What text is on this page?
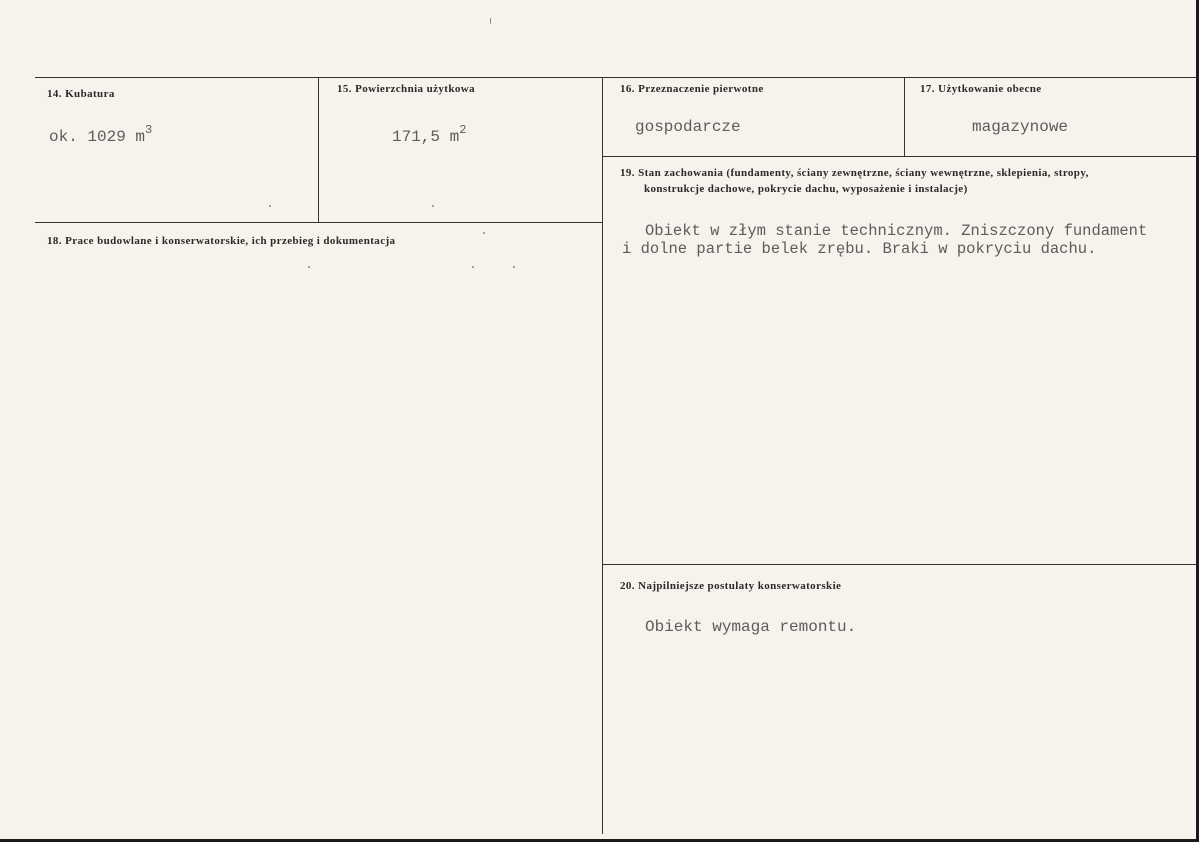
14. Kubatura
ok. 1029 $m^3$
15. Powierzchnia użytkowa
171,5 $m^2$
16. Przeznaczenie pierwotne
gospodarcze
17. Użytkowanie obecne
magazynowe
18. Prace budowlane i konserwatorskie, ich przebieg i dokumentacja
19. Stan zachowania (fundamenty, ściany zewnętrzne, ściany wewnętrzne, sklepienia, stropy,
konstrukcje dachowe, pokrycie dachu, wyposażenie i instalacje)
Obiekt w złym stanie technicznym. Zniszczony fundament
i dolne partie belek zrębu. Braki w pokryciu dachu.
20. Najpilniejsze postulaty konserwatorskie
Obiekt wymaga remontu.
